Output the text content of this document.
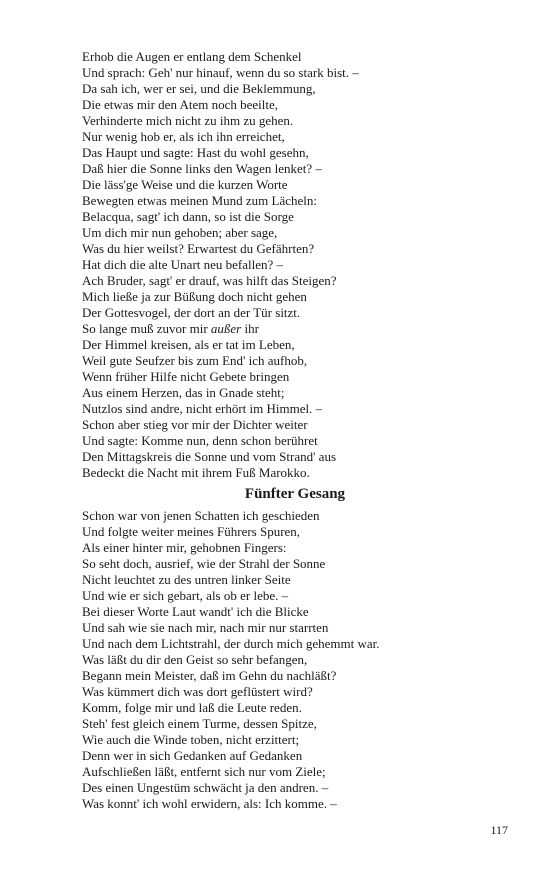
Erhob die Augen er entlang dem Schenkel
Und sprach: Geh' nur hinauf, wenn du so stark bist. –
Da sah ich, wer er sei, und die Beklemmung,
Die etwas mir den Atem noch beeilte,
Verhinderte mich nicht zu ihm zu gehen.
Nur wenig hob er, als ich ihn erreichet,
Das Haupt und sagte: Hast du wohl gesehn,
Daß hier die Sonne links den Wagen lenket? –
Die läss'ge Weise und die kurzen Worte
Bewegten etwas meinen Mund zum Lächeln:
Belacqua, sagt' ich dann, so ist die Sorge
Um dich mir nun gehoben; aber sage,
Was du hier weilst? Erwartest du Gefährten?
Hat dich die alte Unart neu befallen? –
Ach Bruder, sagt' er drauf, was hilft das Steigen?
Mich ließe ja zur Büßung doch nicht gehen
Der Gottesvogel, der dort an der Tür sitzt.
So lange muß zuvor mir außer ihr
Der Himmel kreisen, als er tat im Leben,
Weil gute Seufzer bis zum End' ich aufhob,
Wenn früher Hilfe nicht Gebete bringen
Aus einem Herzen, das in Gnade steht;
Nutzlos sind andre, nicht erhört im Himmel. –
Schon aber stieg vor mir der Dichter weiter
Und sagte: Komme nun, denn schon berühret
Den Mittagskreis die Sonne und vom Strand' aus
Bedeckt die Nacht mit ihrem Fuß Marokko.
Fünfter Gesang
Schon war von jenen Schatten ich geschieden
Und folgte weiter meines Führers Spuren,
Als einer hinter mir, gehobnen Fingers:
So seht doch, ausrief, wie der Strahl der Sonne
Nicht leuchtet zu des untren linker Seite
Und wie er sich gebart, als ob er lebe. –
Bei dieser Worte Laut wandt' ich die Blicke
Und sah wie sie nach mir, nach mir nur starrten
Und nach dem Lichtstrahl, der durch mich gehemmt war.
Was läßt du dir den Geist so sehr befangen,
Begann mein Meister, daß im Gehn du nachläßt?
Was kümmert dich was dort geflüstert wird?
Komm, folge mir und laß die Leute reden.
Steh' fest gleich einem Turme, dessen Spitze,
Wie auch die Winde toben, nicht erzittert;
Denn wer in sich Gedanken auf Gedanken
Aufschließen läßt, entfernt sich nur vom Ziele;
Des einen Ungestüm schwächt ja den andren. –
Was konnt' ich wohl erwidern, als: Ich komme. –
117
